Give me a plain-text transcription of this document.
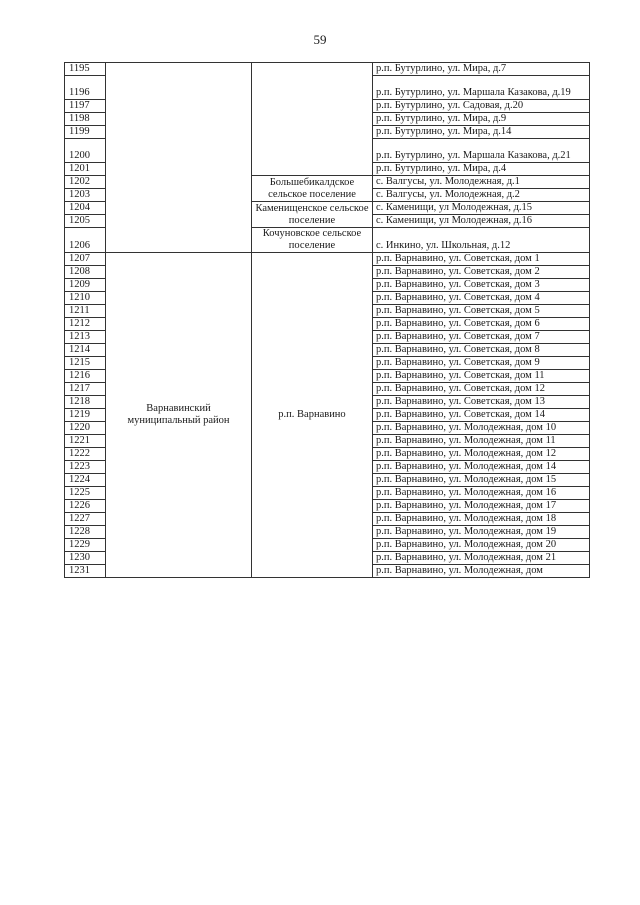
59
1195			р.п. Бутурлино, ул. Мира, д.7
1196			р.п. Бутурлино, ул. Маршала Казакова, д.19
1197			р.п. Бутурлино, ул. Садовая, д.20
1198			р.п. Бутурлино, ул. Мира, д.9
1199			р.п. Бутурлино, ул. Мира, д.14
1200			р.п. Бутурлино, ул. Маршала Казакова, д.21
1201			р.п. Бутурлино, ул. Мира, д.4
1202		Большебикалдское сельское поселение	с. Валгусы, ул. Молодежная, д.1
1203			с. Валгусы, ул. Молодежная, д.2
1204		Каменищенское сельское поселение	с. Каменищи, ул Молодежная, д.15
1205			с. Каменищи, ул Молодежная, д.16
1206		Кочуновское сельское поселение	с. Инкино, ул. Школьная, д.12
1207	Варнавинский муниципальный район	р.п. Варнавино	р.п. Варнавино, ул. Советская, дом 1
1208			р.п. Варнавино, ул. Советская, дом 2
1209			р.п. Варнавино, ул. Советская, дом 3
1210			р.п. Варнавино, ул. Советская, дом 4
1211			р.п. Варнавино, ул. Советская, дом 5
1212			р.п. Варнавино, ул. Советская, дом 6
1213			р.п. Варнавино, ул. Советская, дом 7
1214			р.п. Варнавино, ул. Советская, дом 8
1215			р.п. Варнавино, ул. Советская, дом 9
1216			р.п. Варнавино, ул. Советская, дом 11
1217			р.п. Варнавино, ул. Советская, дом 12
1218			р.п. Варнавино, ул. Советская, дом 13
1219			р.п. Варнавино, ул. Советская, дом 14
1220			р.п. Варнавино, ул. Молодежная, дом 10
1221			р.п. Варнавино, ул. Молодежная, дом 11
1222			р.п. Варнавино, ул. Молодежная, дом 12
1223			р.п. Варнавино, ул. Молодежная, дом 14
1224			р.п. Варнавино, ул. Молодежная, дом 15
1225			р.п. Варнавино, ул. Молодежная, дом 16
1226			р.п. Варнавино, ул. Молодежная, дом 17
1227			р.п. Варнавино, ул. Молодежная, дом 18
1228			р.п. Варнавино, ул. Молодежная, дом 19
1229			р.п. Варнавино, ул. Молодежная, дом 20
1230			р.п. Варнавино, ул. Молодежная, дом 21
1231			р.п. Варнавино, ул. Молодежная, дом
